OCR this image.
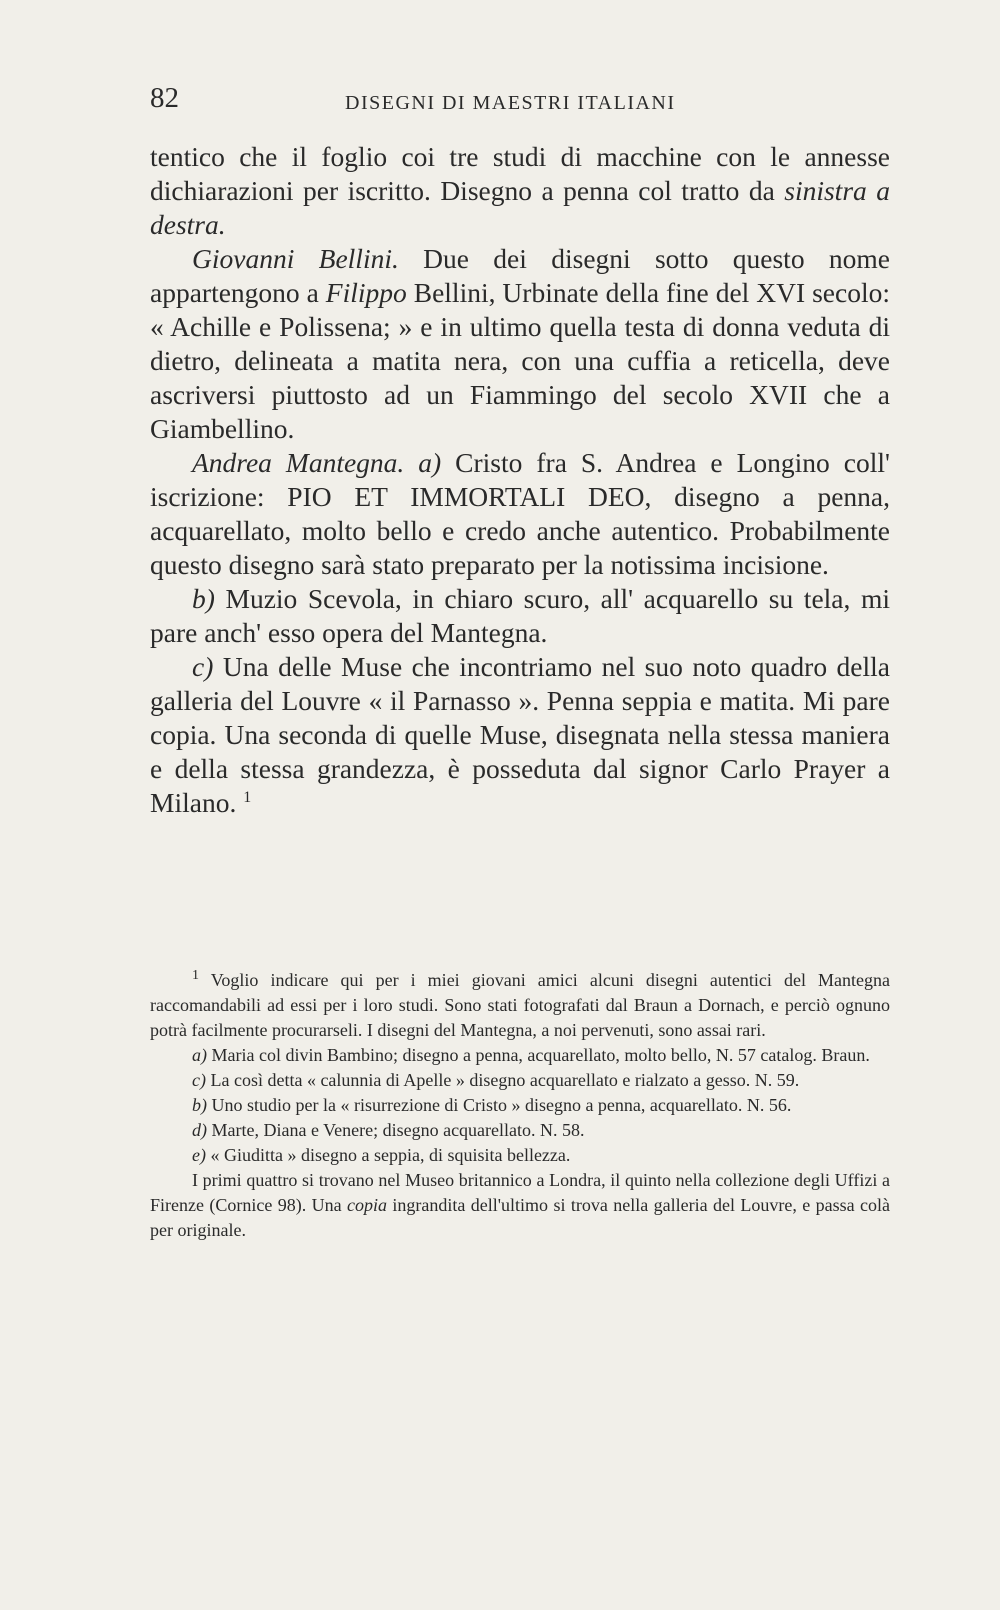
82	DISEGNI DI MAESTRI ITALIANI

tentico che il foglio coi tre studi di macchine con le annesse dichiarazioni per iscritto. Disegno a penna col tratto da sinistra a destra.

Giovanni Bellini. Due dei disegni sotto questo nome appartengono a Filippo Bellini, Urbinate della fine del XVI secolo: « Achille e Polissena; » e in ultimo quella testa di donna veduta di dietro, delineata a matita nera, con una cuffia a reticella, deve ascriversi piuttosto ad un Fiammingo del secolo XVII che a Giambellino.

Andrea Mantegna. a) Cristo fra S. Andrea e Longino coll' iscrizione: PIO ET IMMORTALI DEO, disegno a penna, acquarellato, molto bello e credo anche autentico. Probabilmente questo disegno sarà stato preparato per la notissima incisione.

b) Muzio Scevola, in chiaro scuro, all' acquarello su tela, mi pare anch' esso opera del Mantegna.

c) Una delle Muse che incontriamo nel suo noto quadro della galleria del Louvre « il Parnasso ». Penna seppia e matita. Mi pare copia. Una seconda di quelle Muse, disegnata nella stessa maniera e della stessa grandezza, è posseduta dal signor Carlo Prayer a Milano. $^1$

$^1$ Voglio indicare qui per i miei giovani amici alcuni disegni autentici del Mantegna raccomandabili ad essi per i loro studi. Sono stati fotografati dal Braun a Dornach, e perciò ognuno potrà facilmente procurarseli. I disegni del Mantegna, a noi pervenuti, sono assai rari.

a) Maria col divin Bambino; disegno a penna, acquarellato, molto bello, N. 57 catalog. Braun.

c) La così detta « calunnia di Apelle » disegno acquarellato e rialzato a gesso. N. 59.

b) Uno studio per la « risurrezione di Cristo » disegno a penna, acquarellato. N. 56.

d) Marte, Diana e Venere; disegno acquarellato. N. 58.

e) « Giuditta » disegno a seppia, di squisita bellezza.

I primi quattro si trovano nel Museo britannico a Londra, il quinto nella collezione degli Uffizi a Firenze (Cornice 98). Una copia ingrandita dell'ultimo si trova nella galleria del Louvre, e passa colà per originale.
